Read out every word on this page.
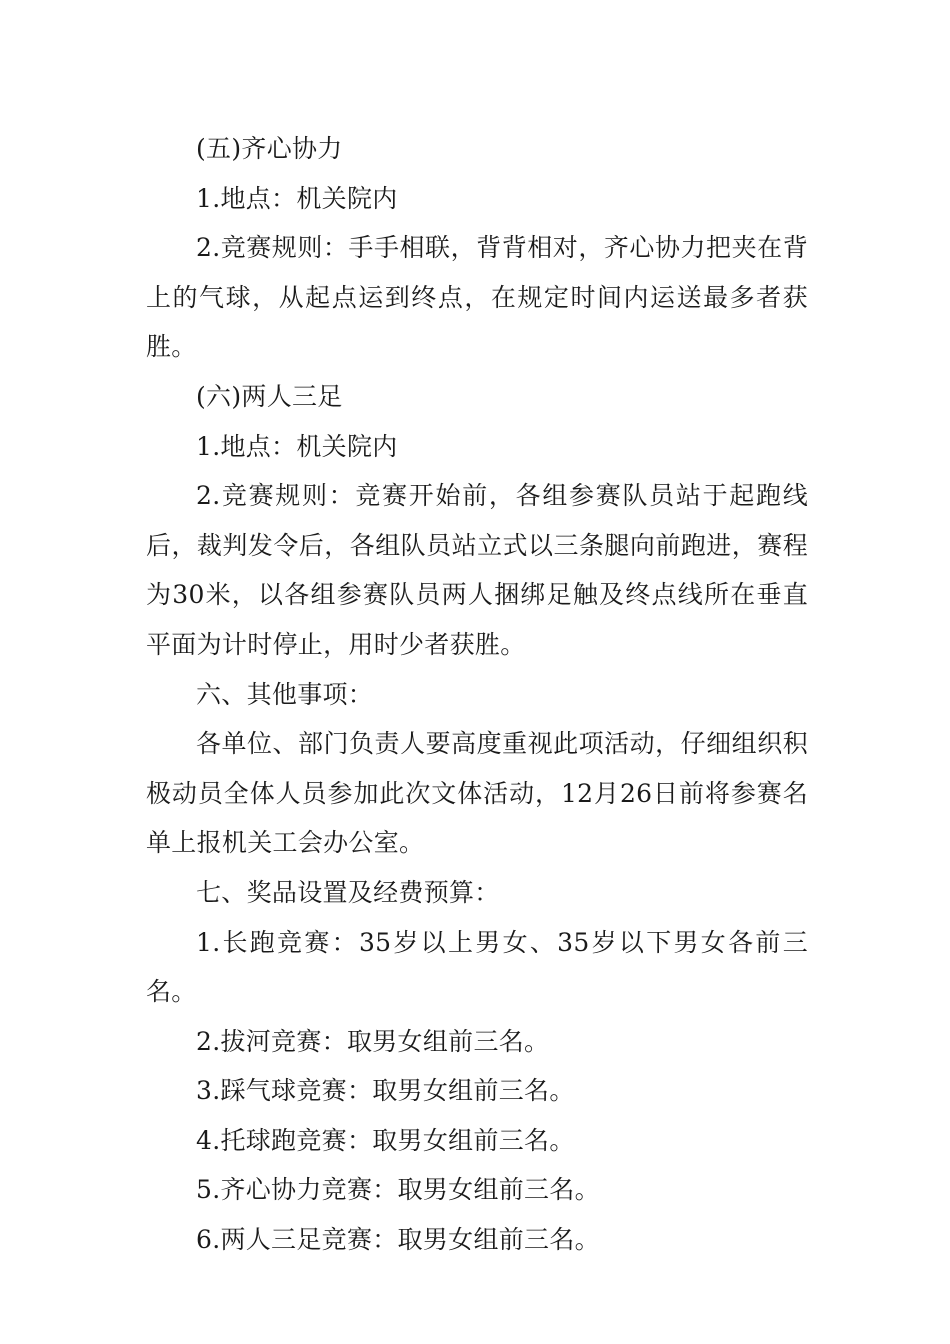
(五)齐心协力

1.地点：机关院内

2.竞赛规则：手手相联，背背相对，齐心协力把夹在背上的气球，从起点运到终点，在规定时间内运送最多者获胜。

(六)两人三足

1.地点：机关院内

2.竞赛规则：竞赛开始前，各组参赛队员站于起跑线后，裁判发令后，各组队员站立式以三条腿向前跑进，赛程为30米，以各组参赛队员两人捆绑足触及终点线所在垂直平面为计时停止，用时少者获胜。

六、其他事项：

各单位、部门负责人要高度重视此项活动，仔细组织积极动员全体人员参加此次文体活动，12月26日前将参赛名单上报机关工会办公室。

七、奖品设置及经费预算：

1.长跑竞赛：35岁以上男女、35岁以下男女各前三名。

2.拔河竞赛：取男女组前三名。

3.踩气球竞赛：取男女组前三名。

4.托球跑竞赛：取男女组前三名。

5.齐心协力竞赛：取男女组前三名。

6.两人三足竞赛：取男女组前三名。
